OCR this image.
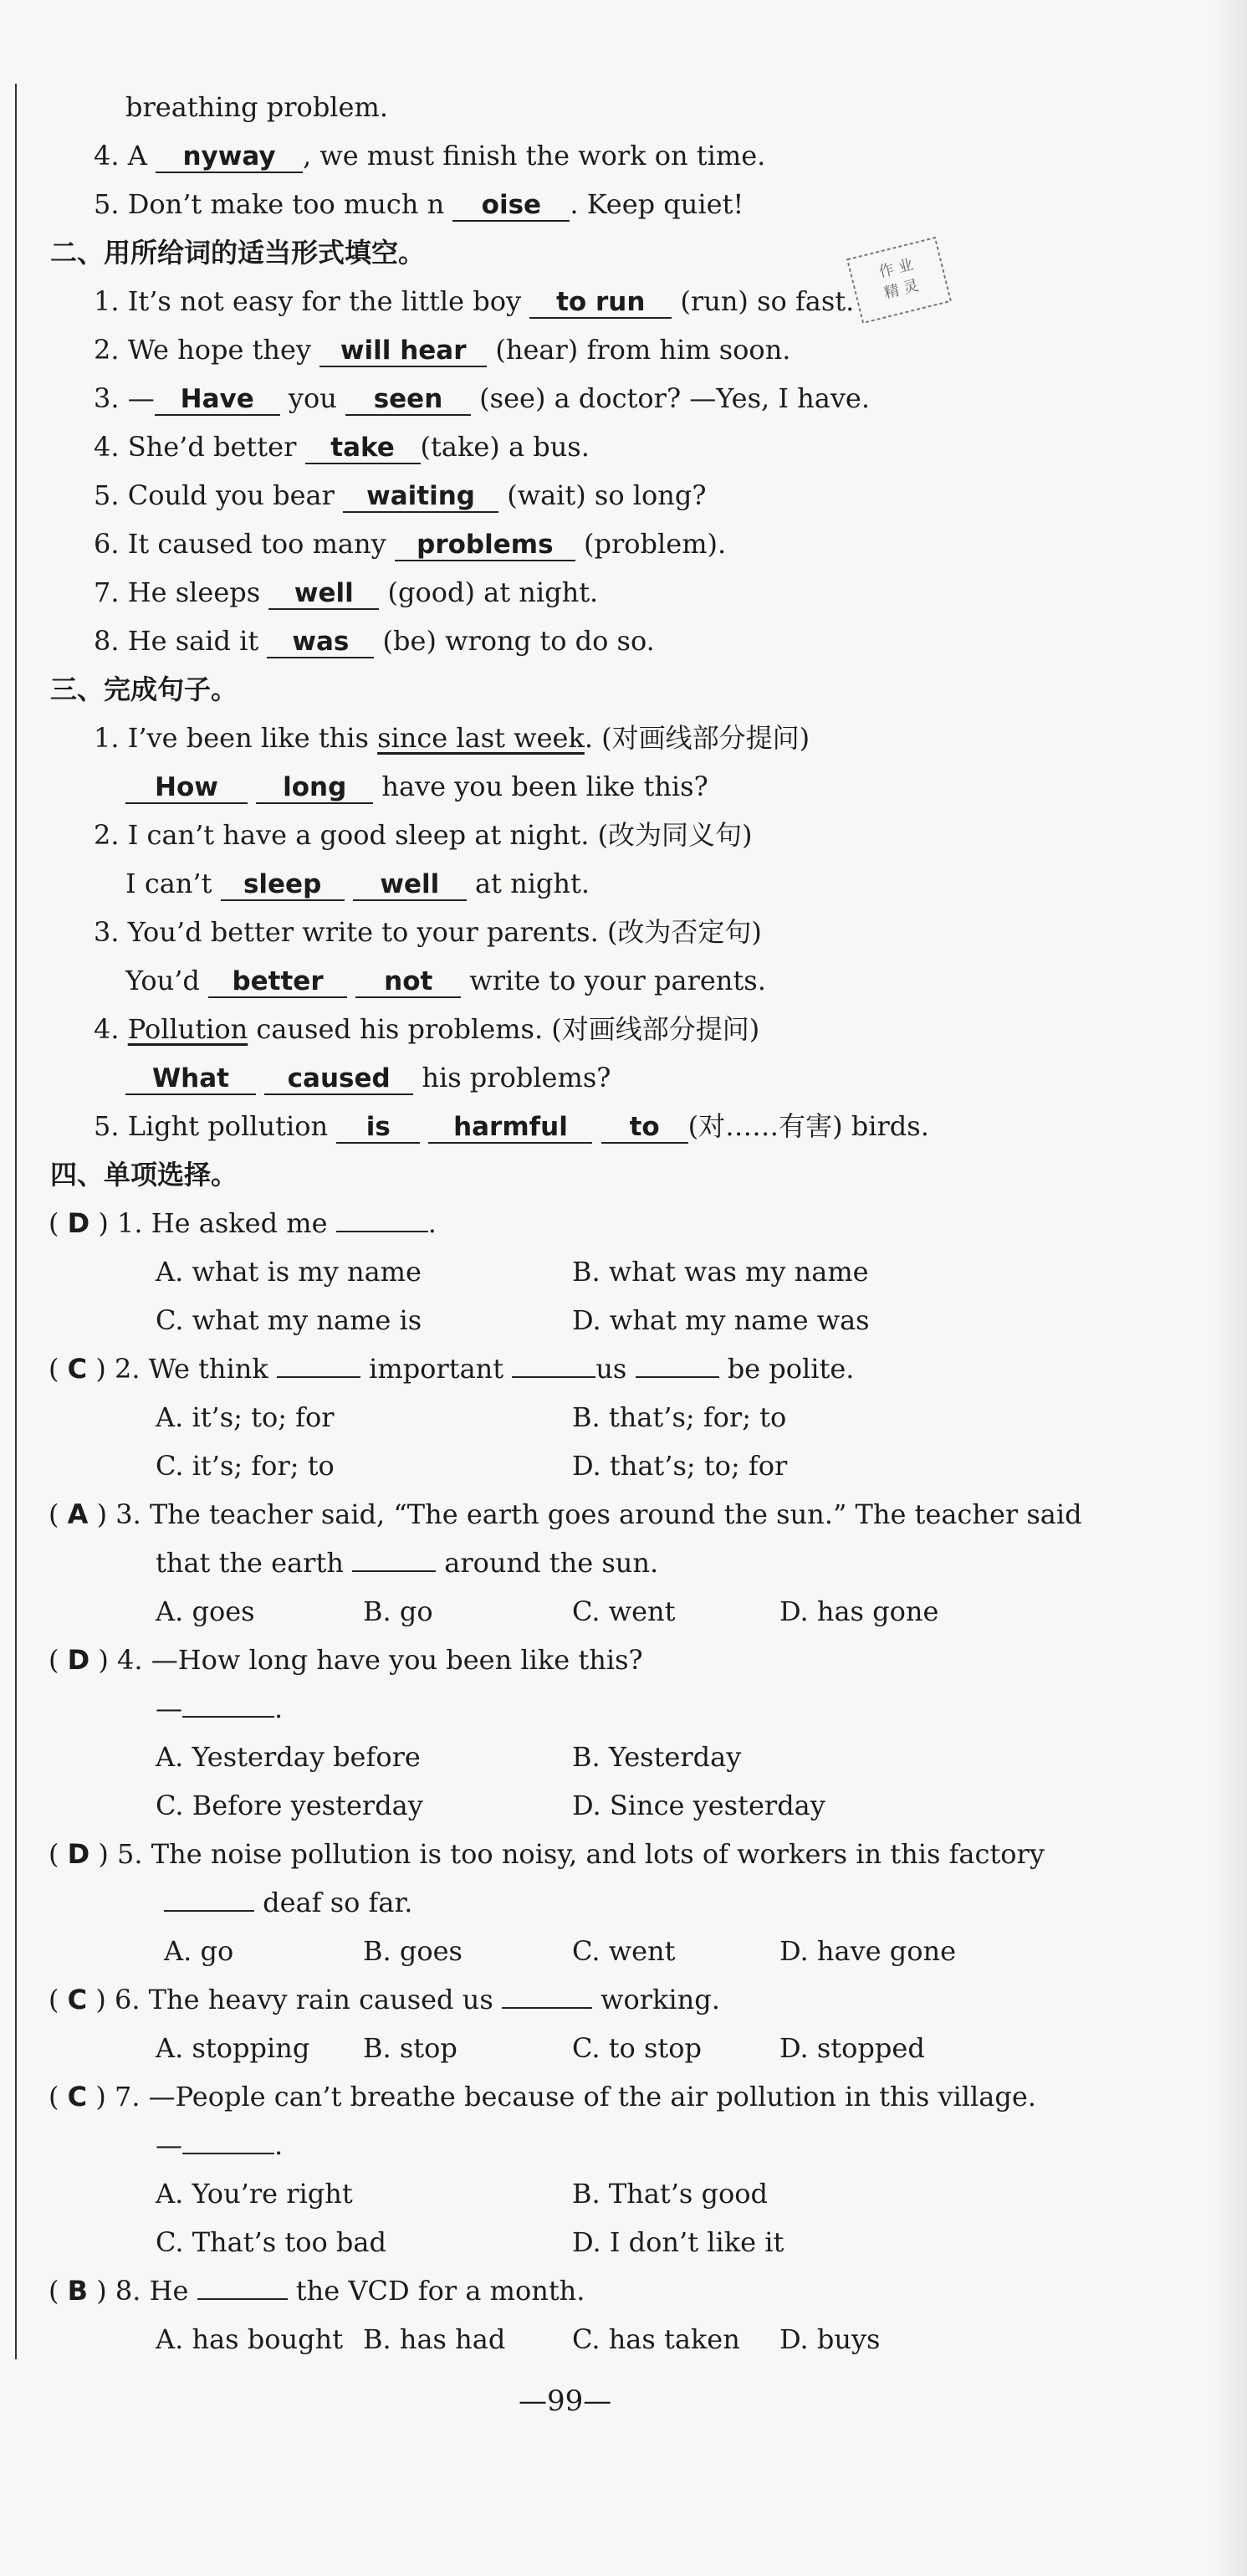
breathing problem.
4. A nyway , we must finish the work on time.
5. Don’t make too much n oise . Keep quiet!
二、用所给词的适当形式填空。
1. It’s not easy for the little boy to run (run) so fast.
2. We hope they will hear (hear) from him soon.
3. — Have you seen (see) a doctor? —Yes, I have.
4. She’d better take (take) a bus.
5. Could you bear waiting (wait) so long?
6. It caused too many problems (problem).
7. He sleeps well (good) at night.
8. He said it was (be) wrong to do so.
三、完成句子。
1. I’ve been like this since last week. (对画线部分提问)
How long have you been like this?
2. I can’t have a good sleep at night. (改为同义句)
I can’t sleep well at night.
3. You’d better write to your parents. (改为否定句)
You’d better not write to your parents.
4. Pollution caused his problems. (对画线部分提问)
What caused his problems?
5. Light pollution is harmful to (对……有害) birds.
四、单项选择。
( D ) 1. He asked me	.
A. what is my name	B. what was my name
C. what my name is	D. what my name was
( C ) 2. We think	important	us	be polite.
A. it’s; to; for	B. that’s; for; to
C. it’s; for; to	D. that’s; to; for
( A ) 3. The teacher said, “The earth goes around the sun.” The teacher said
that the earth	around the sun.
A. goes	B. go	C. went	D. has gone
( D ) 4. —How long have you been like this?
—	.
A. Yesterday before	B. Yesterday
C. Before yesterday	D. Since yesterday
( D ) 5. The noise pollution is too noisy, and lots of workers in this factory
deaf so far.
A. go	B. goes	C. went	D. have gone
( C ) 6. The heavy rain caused us	working.
A. stopping B. stop	C. to stop	D. stopped
( C ) 7. —People can’t breathe because of the air pollution in this village.
—	.
A. You’re right	B. That’s good
C. That’s too bad	D. I don’t like it
( B ) 8. He	the VCD for a month.
A. has bought B. has had C. has taken D. buys
作 业
精 灵
—99—
